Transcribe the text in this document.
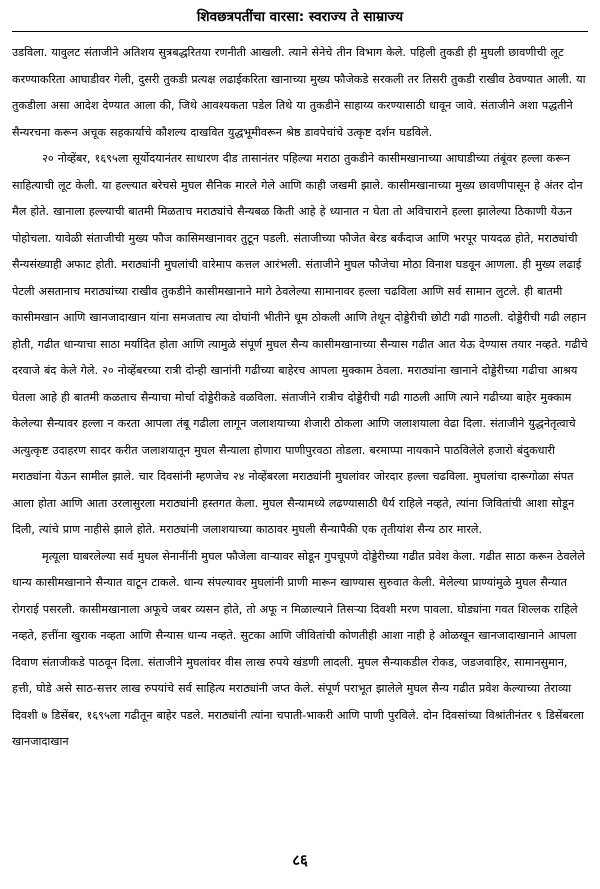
शिवछत्रपतींचा वारसा: स्वराज्य ते साम्राज्य

उडविला. यावुलट संताजीने अतिशय सुत्रबद्धरितया रणनीती आखली. त्याने सेनेचे तीन विभाग केले. पहिली तुकडी ही मुघली छावणीची लूट करण्याकरिता आघाडीवर गेली, दुसरी तुकडी प्रत्यक्ष लढाईकरिता खानाच्या मुख्य फौजेकडे सरकली तर तिसरी तुकडी राखीव ठेवण्यात आली. या तुकडीला असा आदेश देण्यात आला की, जिथे आवश्यकता पडेल तिथे या तुकडीने साहाय्य करण्यासाठी धावून जावे. संताजीने अशा पद्धतीने सैन्यरचना करून अचूक सहकार्याचे कौशल्य दाखवित युद्धभूमीवरून श्रेष्ठ डावपेचांचे उत्कृष्ट दर्शन घडविले.

२० नोव्हेंबर, १६९५ला सूर्योदयानंतर साधारण दीड तासानंतर पहिल्या मराठा तुकडीने कासीमखानाच्या आघाडीच्या तंबूंवर हल्ला करून साहित्याची लूट केली. या हल्ल्यात बरेचसे मुघल सैनिक मारले गेले आणि काही जखमी झाले. कासीमखानाच्या मुख्य छावणीपासून हे अंतर दोन मैल होते. खानाला हल्ल्याची बातमी मिळताच मराठ्यांचे सैन्यबळ किती आहे हे ध्यानात न घेता तो अविचाराने हल्ला झालेल्या ठिकाणी येऊन पोहोचला. यावेळी संताजीची मुख्य फौज कासिमखानावर तुटून पडली. संताजीच्या फौजेत बेरड बर्कंदाज आणि भरपूर पायदळ होते, मराठ्यांची सैन्यसंख्याही अफाट होती. मराठ्यांनी मुघलांची वारेमाप कत्तल आरंभली. संताजीने मुघल फौजेचा मोठा विनाश घडवून आणला. ही मुख्य लढाई पेटली असतानाच मराठ्यांच्या राखीव तुकडीने कासीमखानाने मागे ठेवलेल्या सामानावर हल्ला चढविला आणि सर्व सामान लुटले. ही बातमी कासीमखान आणि खानजादाखान यांना समजताच त्या दोघांनी भीतीने धूम ठोकली आणि तेथून दोड्डेरीची छोटी गढी गाठली. दोड्डेरीची गढी लहान होती, गढीत धान्याचा साठा मर्यादित होता आणि त्यामुळे संपूर्ण मुघल सैन्य कासीमखानाच्या सैन्यास गढीत आत येऊ देण्यास तयार नव्हते. गढीचे दरवाजे बंद केले गेले. २० नोव्हेंबरच्या रात्री दोन्ही खानांनी गढीच्या बाहेरच आपला मुक्काम ठेवला. मराठ्यांना खानाने दोड्डेरीच्या गढीचा आश्रय घेतला आहे ही बातमी कळताच सैन्याचा मोर्चा दोड्डेरीकडे वळविला. संताजीने रात्रीच दोड्डेरीची गढी गाठली आणि त्याने गढीच्या बाहेर मुक्काम केलेल्या सैन्यावर हल्ला न करता आपला तंबू गढीला लागून जलाशयाच्या शेजारी ठोकला आणि जलाशयाला वेढा दिला. संताजीने युद्धनेतृत्वाचे अत्युत्कृष्ट उदाहरण सादर करीत जलाशयातून मुघल सैन्याला होणारा पाणीपुरवठा तोडला. बरमाप्पा नायकाने पाठविलेले हजारो बंदुकधारी मराठ्यांना येऊन सामील झाले. चार दिवसांनी म्हणजेच २४ नोव्हेंबरला मराठ्यांनी मुघलांवर जोरदार हल्ला चढविला. मुघलांचा दारूगोळा संपत आला होता आणि आता उरलासुरला मराठ्यांनी हस्तगत केला. मुघल सैन्यामध्ये लढण्यासाठी धैर्य राहिले नव्हते, त्यांना जिवितांची आशा सोडून दिली, त्यांचे प्राण नाहीसे झाले होते. मराठ्यांनी जलाशयाच्या काठावर मुघली सैन्यापैकी एक तृतीयांश सैन्य ठार मारले.

मृत्यूला घाबरलेल्या सर्व मुघल सेनानींनी मुघल फौजेला वाऱ्यावर सोडून गुपचूपणे दोड्डेरीच्या गढीत प्रवेश केला. गढीत साठा करून ठेवलेले धान्य कासीमखानाने सैन्यात वाटून टाकले. धान्य संपल्यावर मुघलांनी प्राणी मारून खाण्यास सुरुवात केली. मेलेल्या प्राण्यांमुळे मुघल सैन्यात रोगराई पसरली. कासीमखानाला अफूचे जबर व्यसन होते, तो अफू न मिळाल्याने तिसऱ्या दिवशी मरण पावला. घोड्यांना गवत शिल्लक राहिले नव्हते, हत्तींना खुराक नव्हता आणि सैन्यास धान्य नव्हते. सुटका आणि जीवितांची कोणतीही आशा नाही हे ओळखून खानजादाखानाने आपला दिवाण संताजीकडे पाठवून दिला. संताजीने मुघलांवर वीस लाख रुपये खंडणी लादली. मुघल सैन्याकडील रोकड, जडजवाहिर, सामानसुमान, हत्ती, घोडे असे साठ-सत्तर लाख रुपयांचे सर्व साहित्य मराठ्यांनी जप्त केले. संपूर्ण पराभूत झालेले मुघल सैन्य गढीत प्रवेश केल्याच्या तेराव्या दिवशी ७ डिसेंबर, १६९५ला गढीतून बाहेर पडले. मराठ्यांनी त्यांना चपाती-भाकरी आणि पाणी पुरविले. दोन दिवसांच्या विश्रांतीनंतर ९ डिसेंबरला खानजादाखान

८६
